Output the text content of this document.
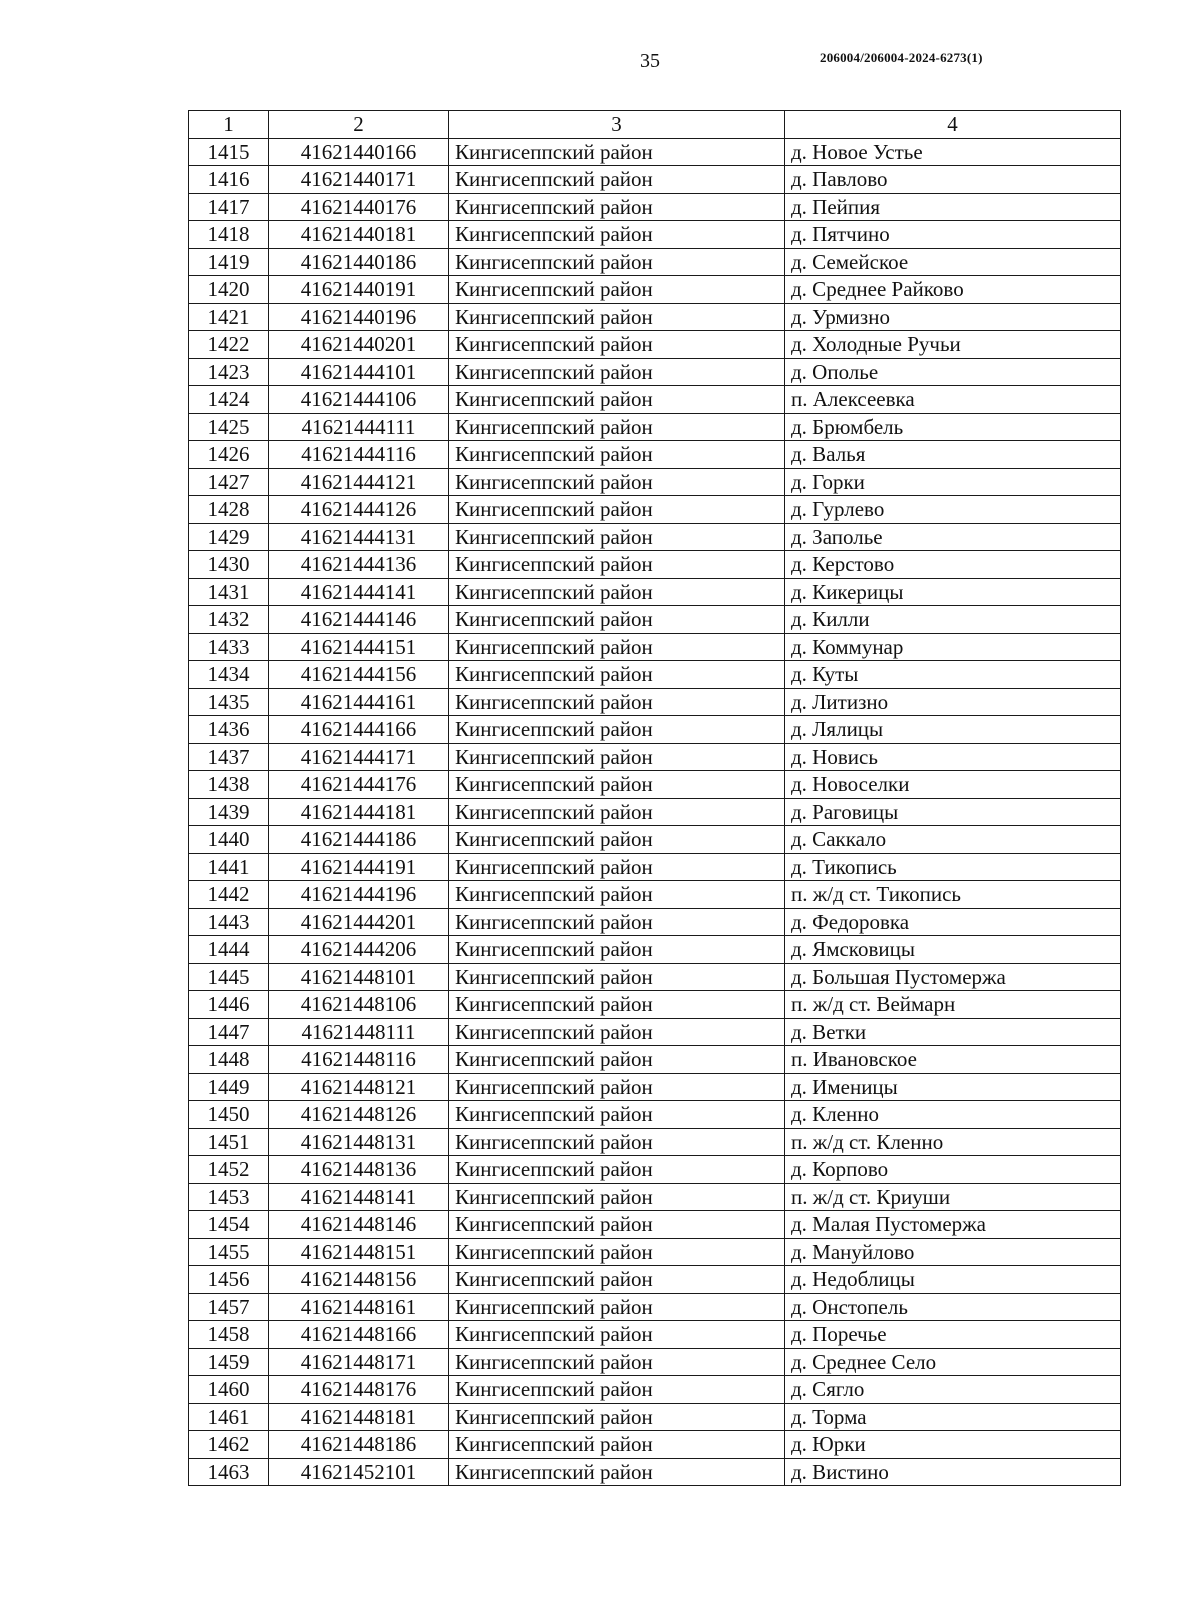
35	206004/206004-2024-6273(1)
1	2	3	4
1415	41621440166	Кингисеппский район	д. Новое Устье
1416	41621440171	Кингисеппский район	д. Павлово
1417	41621440176	Кингисеппский район	д. Пейпия
1418	41621440181	Кингисеппский район	д. Пятчино
1419	41621440186	Кингисеппский район	д. Семейское
1420	41621440191	Кингисеппский район	д. Среднее Райково
1421	41621440196	Кингисеппский район	д. Урмизно
1422	41621440201	Кингисеппский район	д. Холодные Ручьи
1423	41621444101	Кингисеппский район	д. Ополье
1424	41621444106	Кингисеппский район	п. Алексеевка
1425	41621444111	Кингисеппский район	д. Брюмбель
1426	41621444116	Кингисеппский район	д. Валья
1427	41621444121	Кингисеппский район	д. Горки
1428	41621444126	Кингисеппский район	д. Гурлево
1429	41621444131	Кингисеппский район	д. Заполье
1430	41621444136	Кингисеппский район	д. Керстово
1431	41621444141	Кингисеппский район	д. Кикерицы
1432	41621444146	Кингисеппский район	д. Килли
1433	41621444151	Кингисеппский район	д. Коммунар
1434	41621444156	Кингисеппский район	д. Куты
1435	41621444161	Кингисеппский район	д. Литизно
1436	41621444166	Кингисеппский район	д. Лялицы
1437	41621444171	Кингисеппский район	д. Новись
1438	41621444176	Кингисеппский район	д. Новоселки
1439	41621444181	Кингисеппский район	д. Раговицы
1440	41621444186	Кингисеппский район	д. Саккало
1441	41621444191	Кингисеппский район	д. Тикопись
1442	41621444196	Кингисеппский район	п. ж/д ст. Тикопись
1443	41621444201	Кингисеппский район	д. Федоровка
1444	41621444206	Кингисеппский район	д. Ямсковицы
1445	41621448101	Кингисеппский район	д. Большая Пустомержа
1446	41621448106	Кингисеппский район	п. ж/д ст. Веймарн
1447	41621448111	Кингисеппский район	д. Ветки
1448	41621448116	Кингисеппский район	п. Ивановское
1449	41621448121	Кингисеппский район	д. Именицы
1450	41621448126	Кингисеппский район	д. Кленно
1451	41621448131	Кингисеппский район	п. ж/д ст. Кленно
1452	41621448136	Кингисеппский район	д. Корпово
1453	41621448141	Кингисеппский район	п. ж/д ст. Криуши
1454	41621448146	Кингисеппский район	д. Малая Пустомержа
1455	41621448151	Кингисеппский район	д. Мануйлово
1456	41621448156	Кингисеппский район	д. Недоблицы
1457	41621448161	Кингисеппский район	д. Онстопель
1458	41621448166	Кингисеппский район	д. Поречье
1459	41621448171	Кингисеппский район	д. Среднее Село
1460	41621448176	Кингисеппский район	д. Сягло
1461	41621448181	Кингисеппский район	д. Торма
1462	41621448186	Кингисеппский район	д. Юрки
1463	41621452101	Кингисеппский район	д. Вистино
